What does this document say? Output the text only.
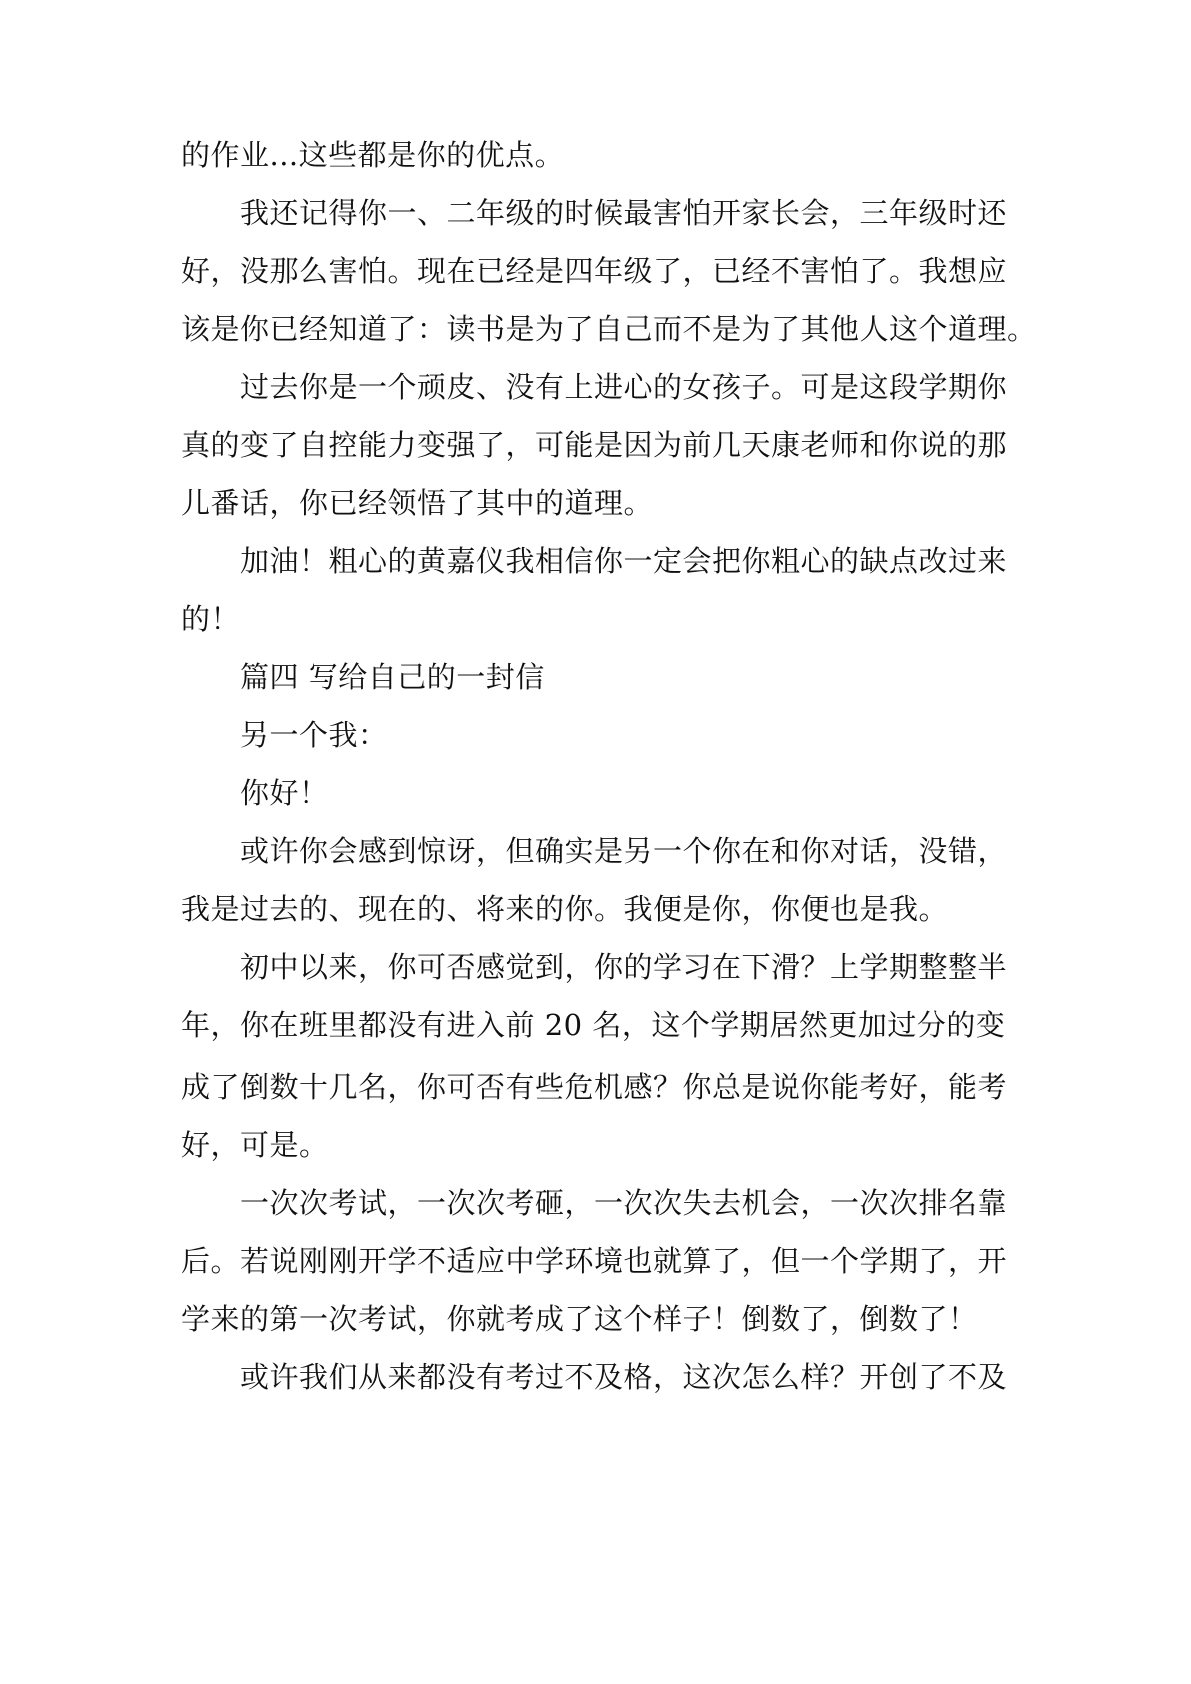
的作业...这些都是你的优点。
我还记得你一、二年级的时候最害怕开家长会，三年级时还
好，没那么害怕。现在已经是四年级了，已经不害怕了。我想应
该是你已经知道了：读书是为了自己而不是为了其他人这个道理。
过去你是一个顽皮、没有上进心的女孩子。可是这段学期你
真的变了自控能力变强了，可能是因为前几天康老师和你说的那
儿番话，你已经领悟了其中的道理。
加油！粗心的黄嘉仪我相信你一定会把你粗心的缺点改过来
的！
篇四 写给自己的一封信
另一个我：
你好！
或许你会感到惊讶，但确实是另一个你在和你对话，没错，
我是过去的、现在的、将来的你。我便是你，你便也是我。
初中以来，你可否感觉到，你的学习在下滑？上学期整整半
年，你在班里都没有进入前 20 名，这个学期居然更加过分的变
成了倒数十几名，你可否有些危机感？你总是说你能考好，能考
好，可是。
一次次考试，一次次考砸，一次次失去机会，一次次排名靠
后。若说刚刚开学不适应中学环境也就算了，但一个学期了，开
学来的第一次考试，你就考成了这个样子！倒数了，倒数了！
或许我们从来都没有考过不及格，这次怎么样？开创了不及
